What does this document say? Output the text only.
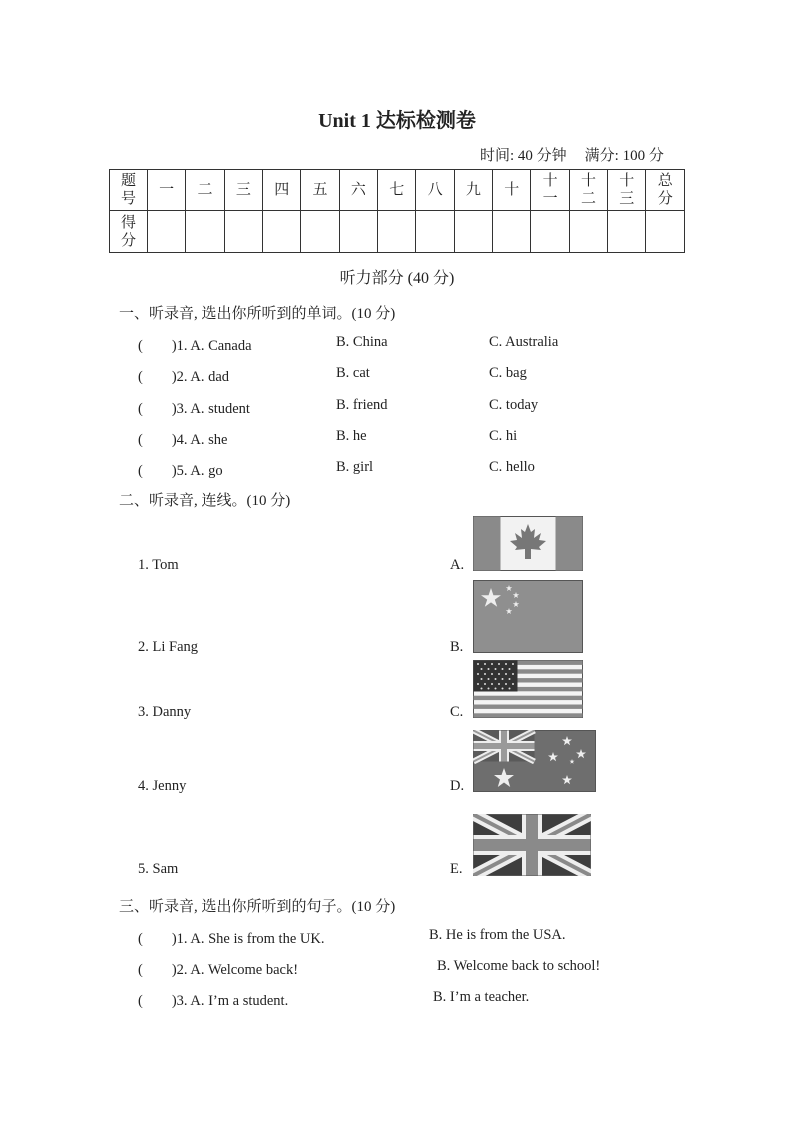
Unit 1 达标检测卷
时间: 40 分钟 满分: 100 分
题号	一	二	三	四	五	六	七	八	九	十	十一	十二	十三	总分
得分														
听力部分 (40 分)
一、听录音, 选出你所听到的单词。(10 分)
(　　)1. A. Canada	B. China	C. Australia
(　　)2. A. dad	B. cat	C. bag
(　　)3. A. student	B. friend	C. today
(　　)4. A. she	B. he	C. hi
(　　)5. A. go	B. girl	C. hello
二、听录音, 连线。(10 分)
1. Tom
2. Li Fang
3. Danny
4. Jenny
5. Sam
A.
B.
C.
D.
E.
三、听录音, 选出你所听到的句子。(10 分)
(　　)1. A. She is from the UK.	B. He is from the USA.
(　　)2. A. Welcome back!	B. Welcome back to school!
(　　)3. A. I’m a student.	B. I’m a teacher.
